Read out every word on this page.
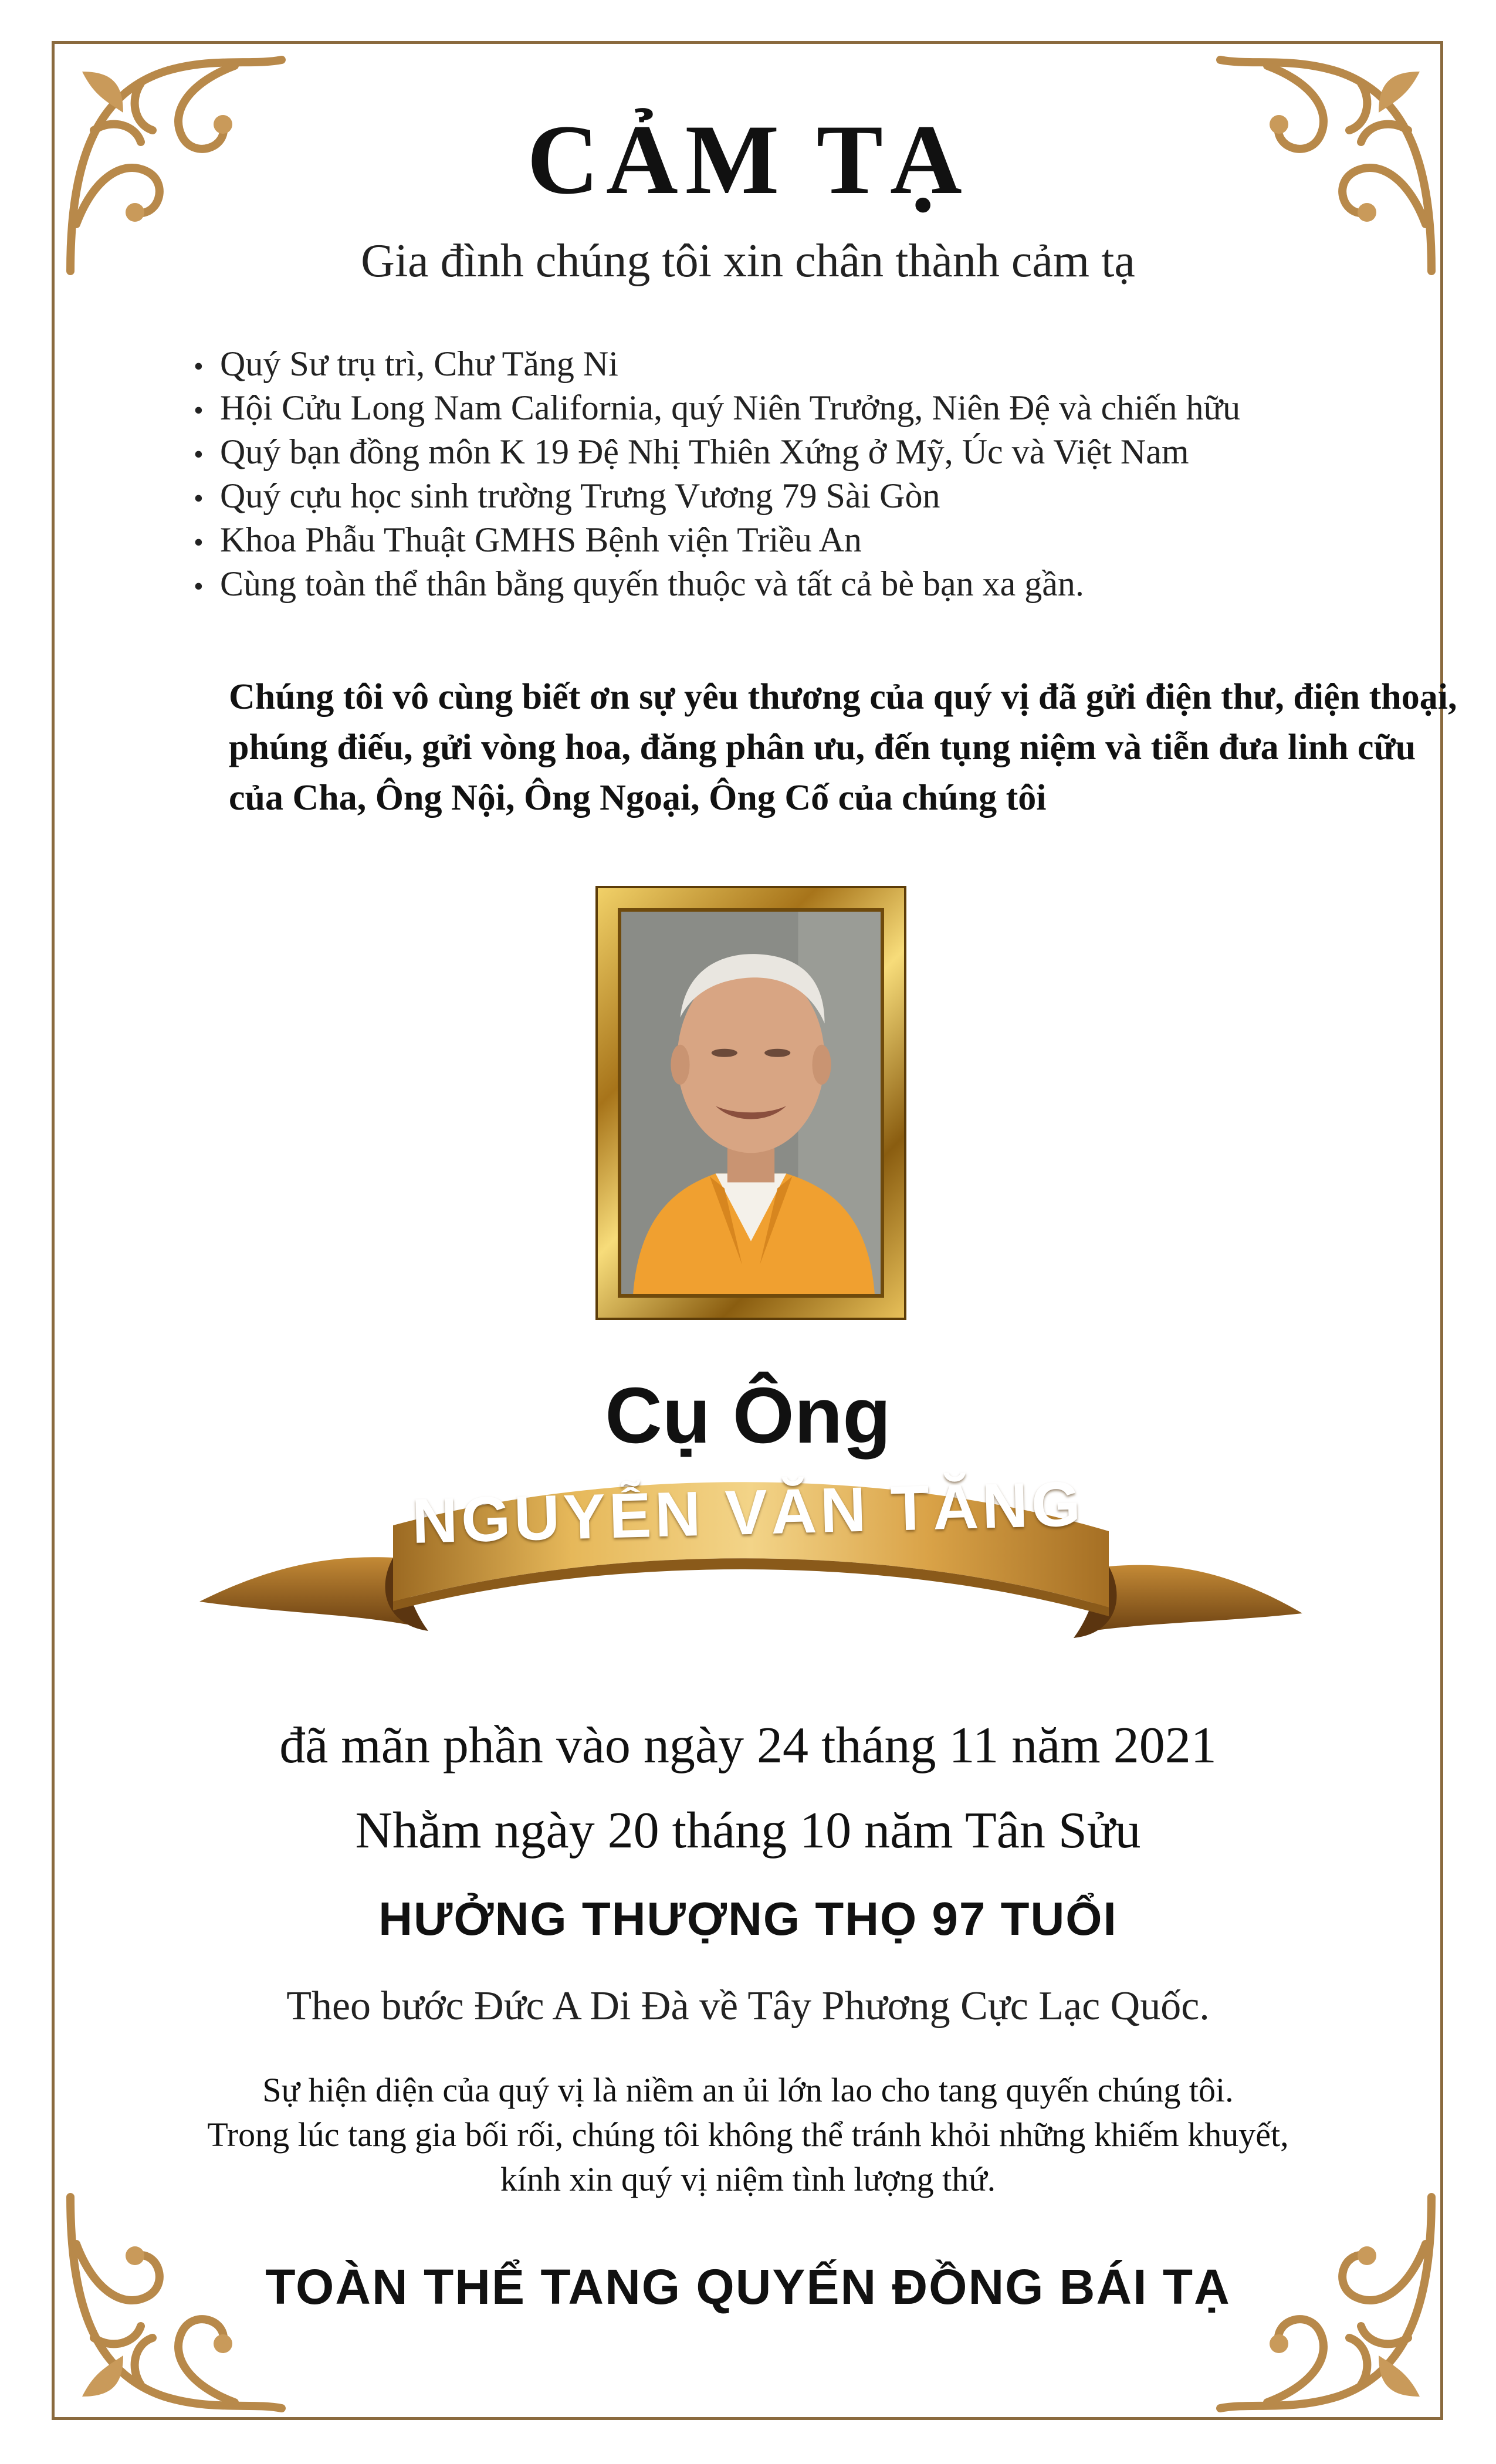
CẢM TẠ
Gia đình chúng tôi xin chân thành cảm tạ
• Quý Sư trụ trì, Chư Tăng Ni
• Hội Cửu Long Nam California, quý Niên Trưởng, Niên Đệ và chiến hữu
• Quý bạn đồng môn K 19 Đệ Nhị Thiên Xứng ở Mỹ, Úc và Việt Nam
• Quý cựu học sinh trường Trưng Vương 79 Sài Gòn
• Khoa Phẫu Thuật GMHS Bệnh viện Triều An
• Cùng toàn thể thân bằng quyến thuộc và tất cả bè bạn xa gần.
Chúng tôi vô cùng biết ơn sự yêu thương của quý vị đã gửi điện thư, điện thoại,
phúng điếu, gửi vòng hoa, đăng phân ưu, đến tụng niệm và tiễn đưa linh cữu
của Cha, Ông Nội, Ông Ngoại, Ông Cố của chúng tôi
Cụ Ông
NGUYỄN VĂN TĂNG
đã mãn phần vào ngày 24 tháng 11 năm 2021
Nhằm ngày 20 tháng 10 năm Tân Sửu
HƯỞNG THƯỢNG THỌ 97 TUỔI
Theo bước Đức A Di Đà về Tây Phương Cực Lạc Quốc.
Sự hiện diện của quý vị là niềm an ủi lớn lao cho tang quyến chúng tôi.
Trong lúc tang gia bối rối, chúng tôi không thể tránh khỏi những khiếm khuyết,
kính xin quý vị niệm tình lượng thứ.
TOÀN THỂ TANG QUYẾN ĐỒNG BÁI TẠ
